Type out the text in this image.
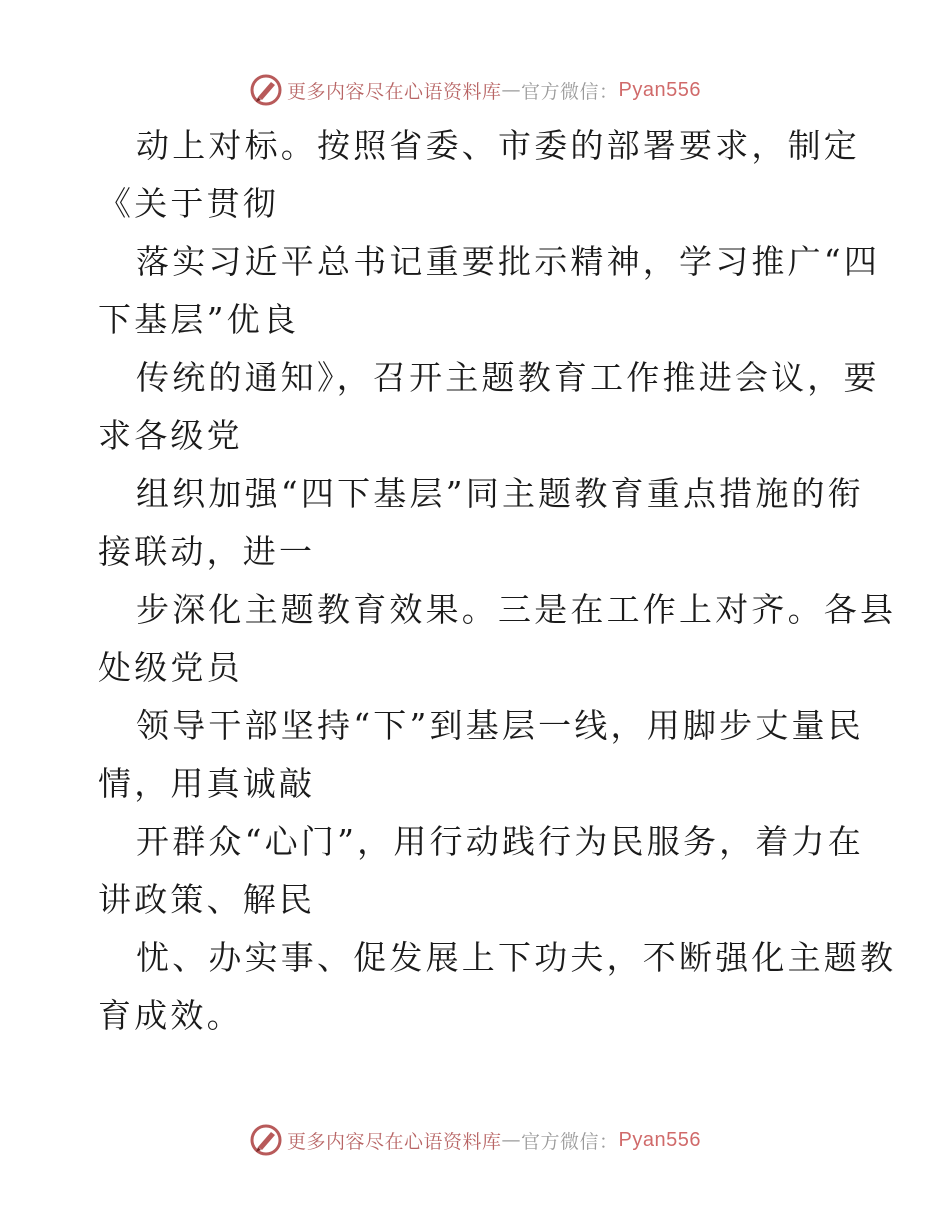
更多内容尽在心语资料库 — 官方微信： Pyan556
动上对标。按照省委、市委的部署要求，制定
《关于贯彻
落实习近平总书记重要批示精神，学习推广“四
下基层”优良
传统的通知》，召开主题教育工作推进会议，要
求各级党
组织加强“四下基层”同主题教育重点措施的衔
接联动，进一
步深化主题教育效果。三是在工作上对齐。各县
处级党员
领导干部坚持“下”到基层一线，用脚步丈量民
情，用真诚敲
开群众“心门”，用行动践行为民服务，着力在
讲政策、解民
忧、办实事、促发展上下功夫，不断强化主题教
育成效。
更多内容尽在心语资料库 — 官方微信： Pyan556
